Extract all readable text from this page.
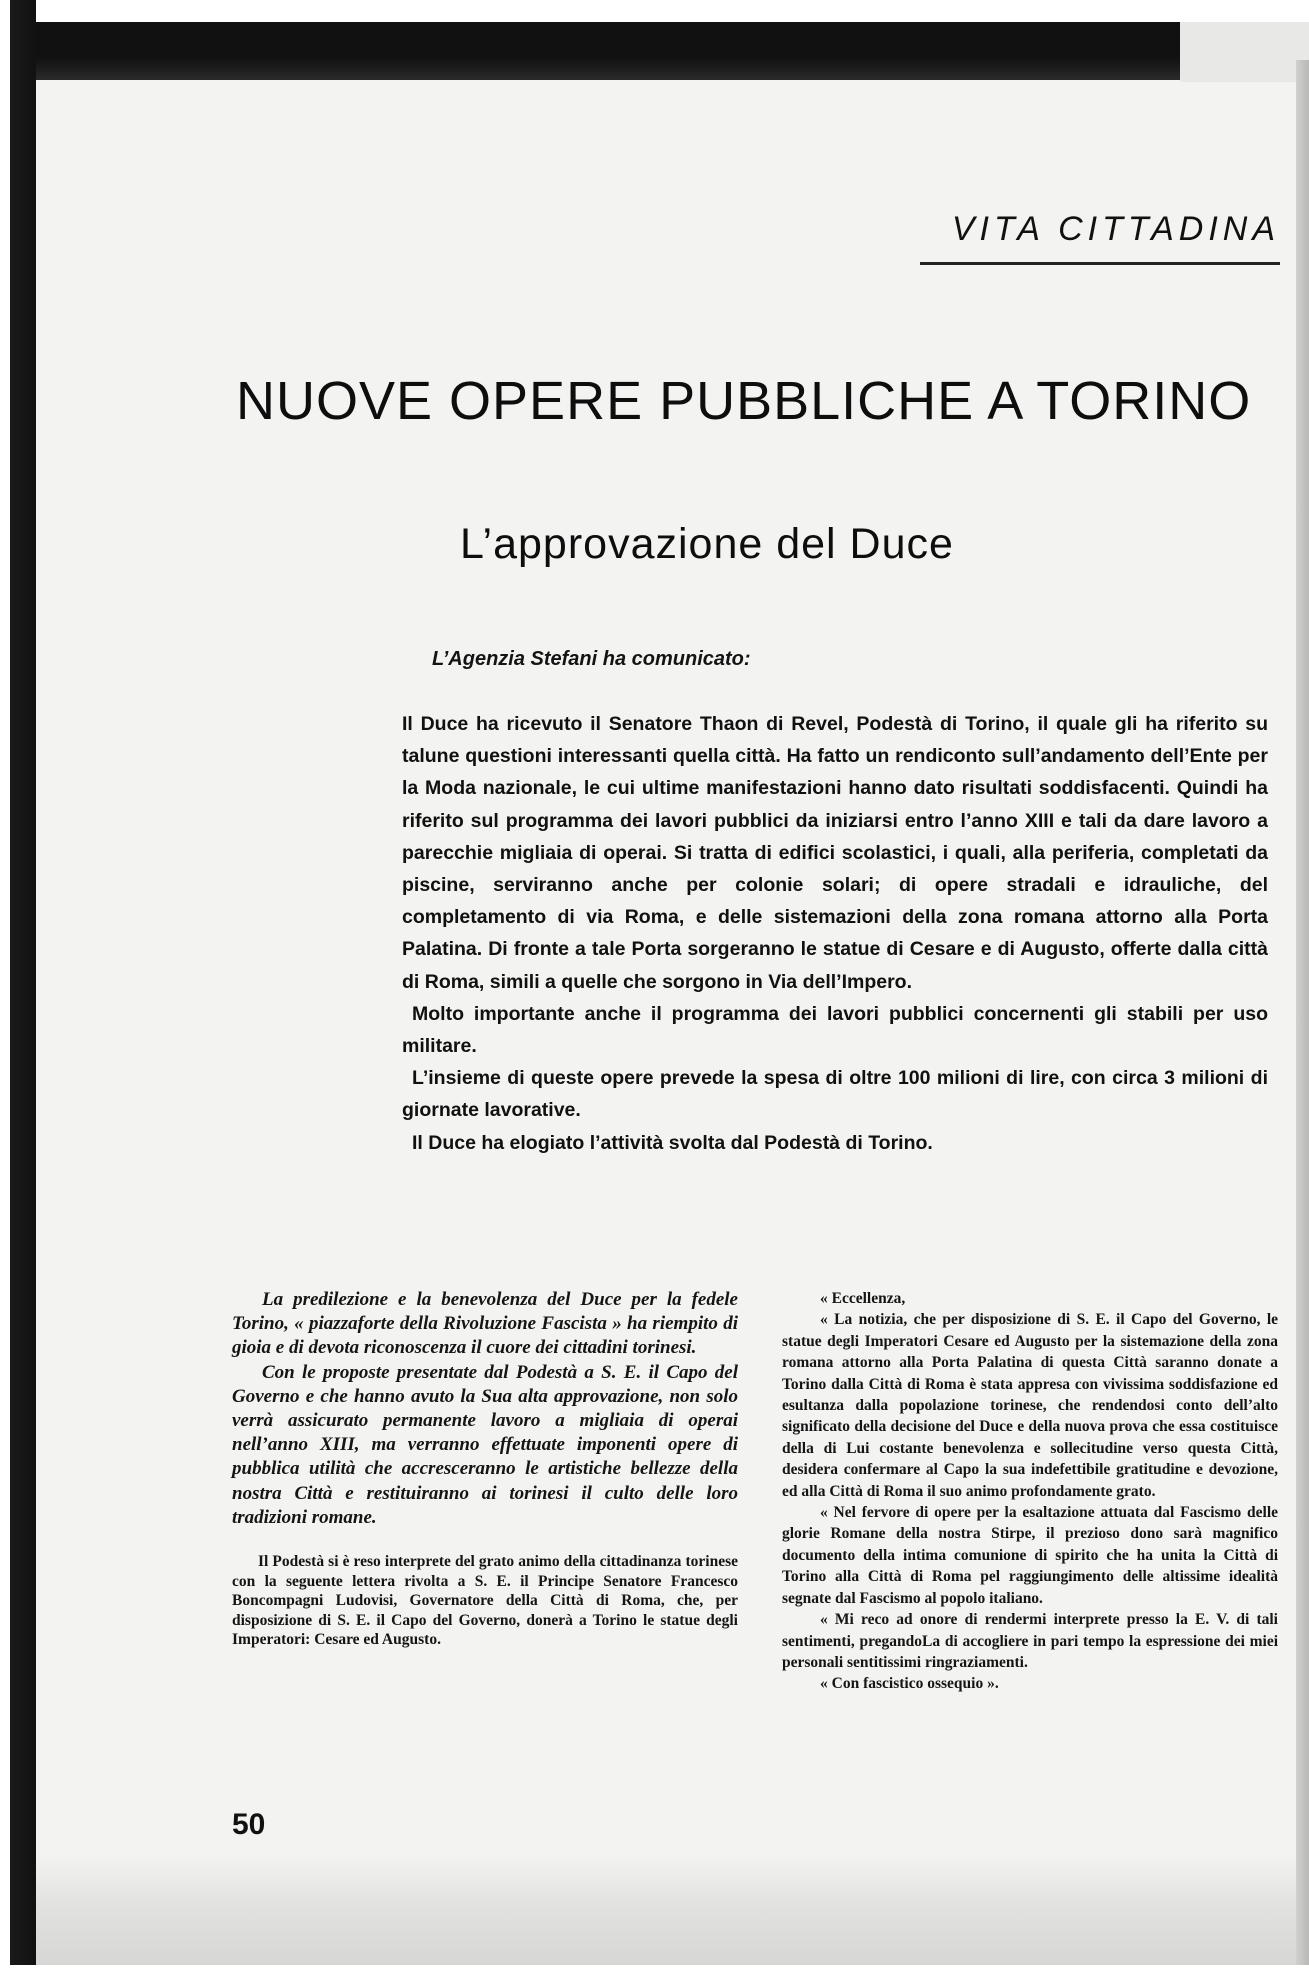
VITA CITTADINA
NUOVE OPERE PUBBLICHE A TORINO
L’approvazione del Duce
L’Agenzia Stefani ha comunicato:

Il Duce ha ricevuto il Senatore Thaon di Revel, Podestà di Torino, il quale gli ha riferito su talune questioni interessanti quella città. Ha fatto un rendiconto sull’andamento dell’Ente per la Moda nazionale, le cui ultime manifestazioni hanno dato risultati soddisfacenti. Quindi ha riferito sul programma dei lavori pubblici da iniziarsi entro l’anno XIII e tali da dare lavoro a parecchie migliaia di operai. Si tratta di edifici scolastici, i quali, alla periferia, completati da piscine, serviranno anche per colonie solari; di opere stradali e idrauliche, del completamento di via Roma, e delle sistemazioni della zona romana attorno alla Porta Palatina. Di fronte a tale Porta sorgeranno le statue di Cesare e di Augusto, offerte dalla città di Roma, simili a quelle che sorgono in Via dell’Impero.

Molto importante anche il programma dei lavori pubblici concernenti gli stabili per uso militare.

L’insieme di queste opere prevede la spesa di oltre 100 milioni di lire, con circa 3 milioni di giornate lavorative.

Il Duce ha elogiato l’attività svolta dal Podestà di Torino.

La predilezione e la benevolenza del Duce per la fedele Torino, « piazzaforte della Rivoluzione Fascista » ha riempito di gioia e di devota riconoscenza il cuore dei cittadini torinesi.

Con le proposte presentate dal Podestà a S. E. il Capo del Governo e che hanno avuto la Sua alta approvazione, non solo verrà assicurato permanente lavoro a migliaia di operai nell’anno XIII, ma verranno effettuate imponenti opere di pubblica utilità che accresceranno le artistiche bellezze della nostra Città e restituiranno ai torinesi il culto delle loro tradizioni romane.

Il Podestà si è reso interprete del grato animo della cittadinanza torinese con la seguente lettera rivolta a S. E. il Principe Senatore Francesco Boncompagni Ludovisi, Governatore della Città di Roma, che, per disposizione di S. E. il Capo del Governo, donerà a Torino le statue degli Imperatori: Cesare ed Augusto.

« Eccellenza,

« La notizia, che per disposizione di S. E. il Capo del Governo, le statue degli Imperatori Cesare ed Augusto per la sistemazione della zona romana attorno alla Porta Palatina di questa Città saranno donate a Torino dalla Città di Roma è stata appresa con vivissima soddisfazione ed esultanza dalla popolazione torinese, che rendendosi conto dell’alto significato della decisione del Duce e della nuova prova che essa costituisce della di Lui costante benevolenza e sollecitudine verso questa Città, desidera confermare al Capo la sua indefettibile gratitudine e devozione, ed alla Città di Roma il suo animo profondamente grato.

« Nel fervore di opere per la esaltazione attuata dal Fascismo delle glorie Romane della nostra Stirpe, il prezioso dono sarà magnifico documento della intima comunione di spirito che ha unita la Città di Torino alla Città di Roma pel raggiungimento delle altissime idealità segnate dal Fascismo al popolo italiano.

« Mi reco ad onore di rendermi interprete presso la E. V. di tali sentimenti, pregandoLa di accogliere in pari tempo la espressione dei miei personali sentitissimi ringraziamenti.

« Con fascistico ossequio ».

50
